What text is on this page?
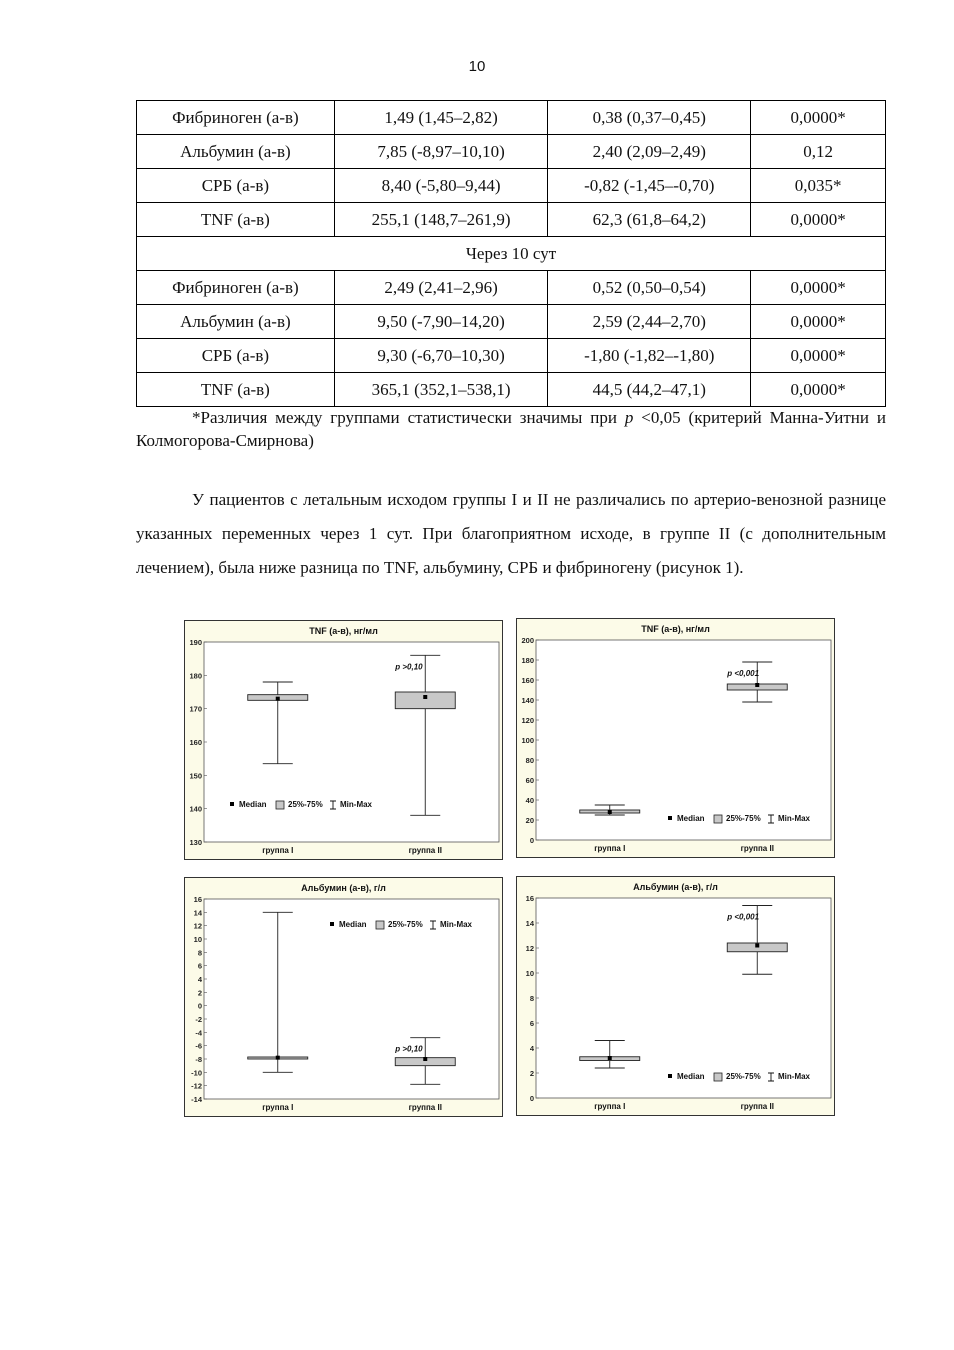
10
Фибриноген (а-в)	1,49 (1,45–2,82)	0,38 (0,37–0,45)	0,0000*
Альбумин (а-в)	7,85 (-8,97–10,10)	2,40 (2,09–2,49)	0,12
СРБ (а-в)	8,40 (-5,80–9,44)	-0,82 (-1,45–-0,70)	0,035*
TNF (а-в)	255,1 (148,7–261,9)	62,3 (61,8–64,2)	0,0000*
Через 10 сут			
Фибриноген (а-в)	2,49 (2,41–2,96)	0,52 (0,50–0,54)	0,0000*
Альбумин (а-в)	9,50 (-7,90–14,20)	2,59 (2,44–2,70)	0,0000*
СРБ (а-в)	9,30 (-6,70–10,30)	-1,80 (-1,82–-1,80)	0,0000*
TNF (а-в)	365,1 (352,1–538,1)	44,5 (44,2–47,1)	0,0000*
*Различия между группами статистически значимы при p <0,05 (критерий Манна-Уитни и Колмогорова-Смирнова)
У пациентов с летальным исходом группы I и II не различались по артерио-венозной разнице указанных переменных через 1 сут. При благоприятном исходе, в группе II (с дополнительным лечением), была ниже разница по TNF, альбумину, СРБ и фибриногену (рисунок 1).
TNF (а-в), нг/мл
190
180
170
160
150
140
130
группа I	группа II
p >0,10
Median	25%-75% Min-Max
TNF (а-в), нг/мл
200
180
160
140
120
100
80
60
40
20
0
группа I	группа II
p <0,001
Median	25%-75% Min-Max
Альбумин (а-в), г/л
16
14
12
10
8
6
4
2
0
-2
-4
-6
-8
-10
-12
-14
группа I	группа II
p >0,10
Median	25%-75% Min-Max
Альбумин (а-в), г/л
16
14
12
10
8
6
4
2
0
группа I	группа II
p <0,001
Median	25%-75% Min-Max
